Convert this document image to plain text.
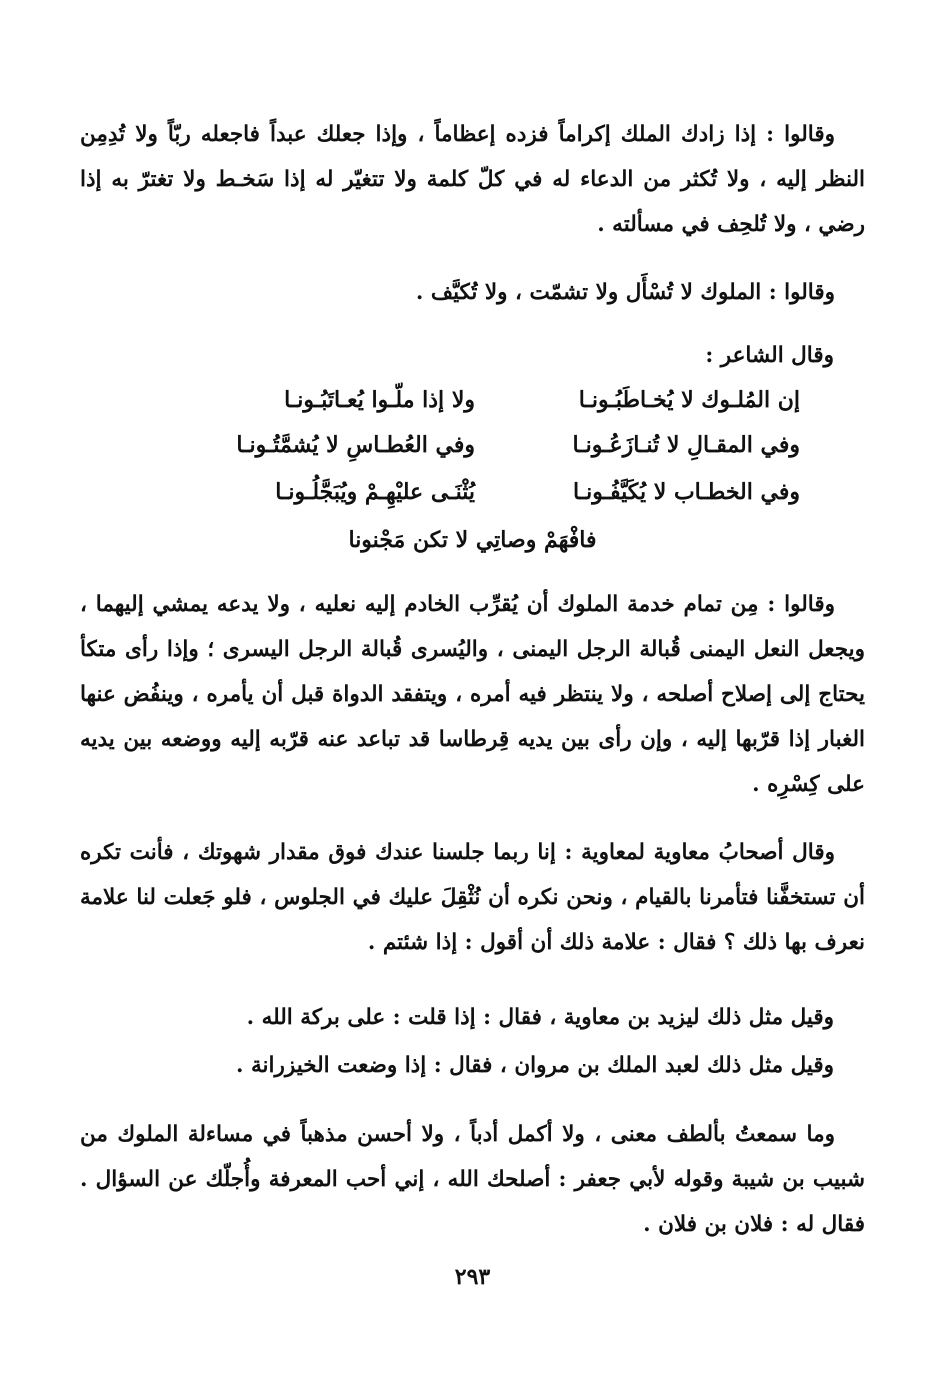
وقالوا : إذا زادك الملك إكراماً فزده إعظاماً ، وإذا جعلك عبداً فاجعله ربّاً ولا تُدِمِن النظر إليه ، ولا تُكثر من الدعاء له في كلّ كلمة ولا تتغيّر له إذا سَخـط ولا تغترّ به إذا رضي ، ولا تُلحِف في مسألته .
وقالوا : الملوك لا تُسْأَل ولا تشمّت ، ولا تُكيَّف .
وقال الشاعر :
إن المُلـوك لا يُخـاطَبُـونـا
ولا إذا ملّـوا يُعـاتَبُـونـا
وفي المقـالِ لا تُنـازَعُـونـا
وفي العُطـاسِ لا يُشمَّتُـونـا
وفي الخطـاب لا يُكَيَّفُـونـا
يُثْنَـى عليْهِـمْ ويُبَجَّلُـونـا
فافْهَمْ وصاتِي لا تكن مَجْنونا
وقالوا : مِن تمام خدمة الملوك أن يُقرِّب الخادم إليه نعليه ، ولا يدعه يمشي إليهما ، ويجعل النعل اليمنى قُبالة الرجل اليمنى ، واليُسرى قُبالة الرجل اليسرى ؛ وإذا رأى متكأ يحتاج إلى إصلاح أصلحه ، ولا ينتظر فيه أمره ، ويتفقد الدواة قبل أن يأمره ، وينفُض عنها الغبار إذا قرّبها إليه ، وإن رأى بين يديه قِرطاسا قد تباعد عنه قرّبه إليه ووضعه بين يديه على كِسْرِه .
وقال أصحابُ معاوية لمعاوية : إنا ربما جلسنا عندك فوق مقدار شهوتك ، فأنت تكره أن تستخفَّنا فتأمرنا بالقيام ، ونحن نكره أن نُثْقِلَ عليك في الجلوس ، فلو جَعلت لنا علامة نعرف بها ذلك ؟ فقال : علامة ذلك أن أقول : إذا شئتم .
وقيل مثل ذلك ليزيد بن معاوية ، فقال : إذا قلت : على بركة الله .
وقيل مثل ذلك لعبد الملك بن مروان ، فقال : إذا وضعت الخيزرانة .
وما سمعتُ بألطف معنى ، ولا أكمل أدباً ، ولا أحسن مذهباً في مساءلة الملوك من شبيب بن شيبة وقوله لأبي جعفر : أصلحك الله ، إني أحب المعرفة وأُجلّك عن السؤال . فقال له : فلان بن فلان .
٢٩٣
